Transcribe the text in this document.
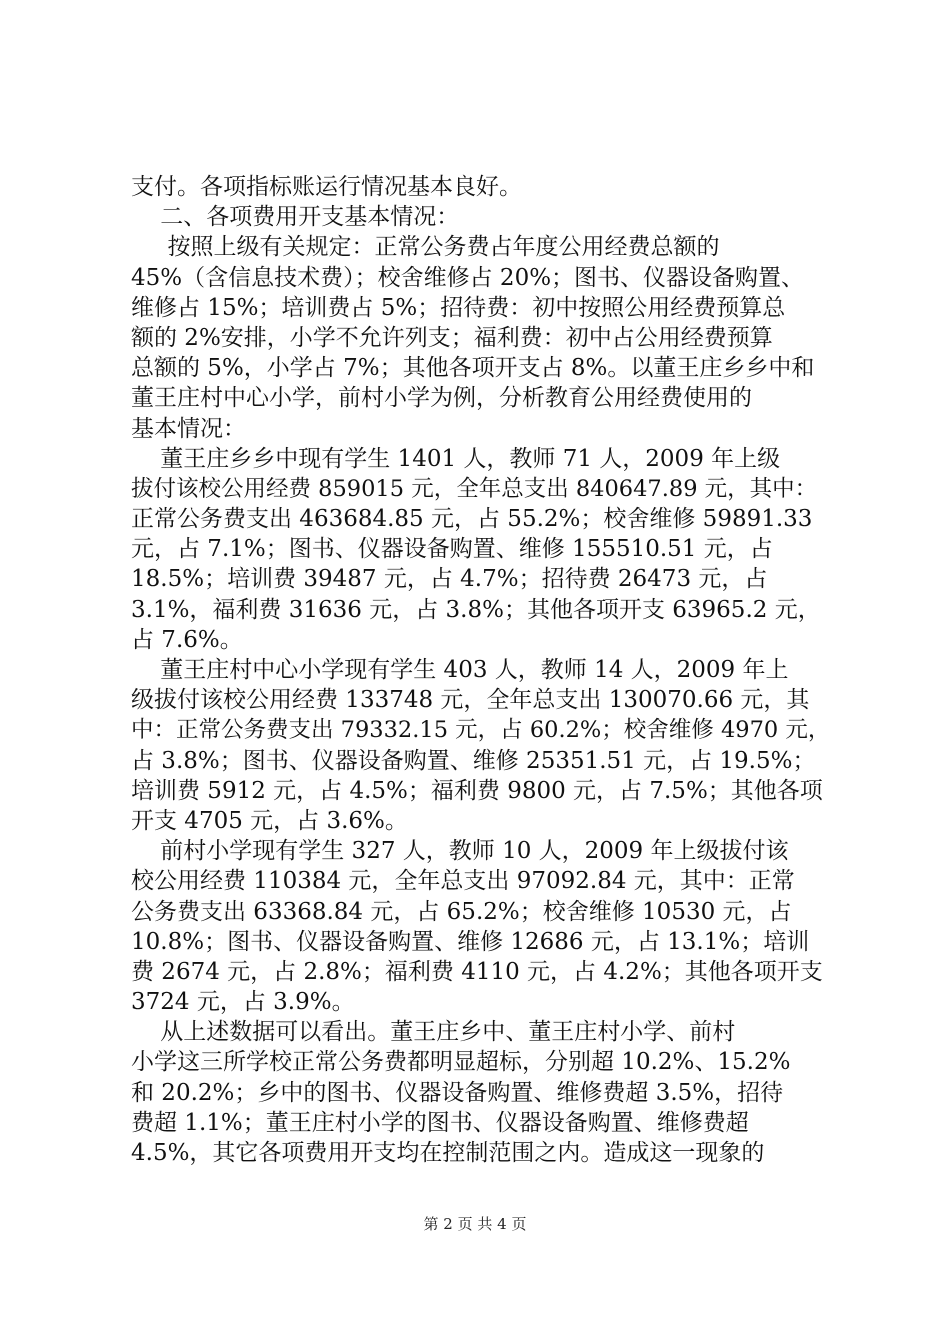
支付。各项指标账运行情况基本良好。
二、各项费用开支基本情况：
按照上级有关规定：正常公务费占年度公用经费总额的
45%（含信息技术费）；校舍维修占 20%；图书、仪器设备购置、
维修占 15%；培训费占 5%；招待费：初中按照公用经费预算总
额的 2%安排，小学不允许列支；福利费：初中占公用经费预算
总额的 5%，小学占 7%；其他各项开支占 8%。以董王庄乡乡中和
董王庄村中心小学，前村小学为例，分析教育公用经费使用的
基本情况：
董王庄乡乡中现有学生 1401 人，教师 71 人，2009 年上级
拔付该校公用经费 859015 元，全年总支出 840647.89 元，其中：
正常公务费支出 463684.85 元，占 55.2%；校舍维修 59891.33
元，占 7.1%；图书、仪器设备购置、维修 155510.51 元，占
18.5%；培训费 39487 元，占 4.7%；招待费 26473 元，占
3.1%，福利费 31636 元，占 3.8%；其他各项开支 63965.2 元，
占 7.6%。
董王庄村中心小学现有学生 403 人，教师 14 人，2009 年上
级拔付该校公用经费 133748 元，全年总支出 130070.66 元，其
中：正常公务费支出 79332.15 元，占 60.2%；校舍维修 4970 元，
占 3.8%；图书、仪器设备购置、维修 25351.51 元，占 19.5%；
培训费 5912 元，占 4.5%；福利费 9800 元，占 7.5%；其他各项
开支 4705 元，占 3.6%。
前村小学现有学生 327 人，教师 10 人，2009 年上级拔付该
校公用经费 110384 元，全年总支出 97092.84 元，其中：正常
公务费支出 63368.84 元，占 65.2%；校舍维修 10530 元，占
10.8%；图书、仪器设备购置、维修 12686 元，占 13.1%；培训
费 2674 元，占 2.8%；福利费 4110 元，占 4.2%；其他各项开支
3724 元，占 3.9%。
从上述数据可以看出。董王庄乡中、董王庄村小学、前村
小学这三所学校正常公务费都明显超标，分别超 10.2%、15.2%
和 20.2%；乡中的图书、仪器设备购置、维修费超 3.5%，招待
费超 1.1%；董王庄村小学的图书、仪器设备购置、维修费超
4.5%，其它各项费用开支均在控制范围之内。造成这一现象的
第 2 页 共 4 页
